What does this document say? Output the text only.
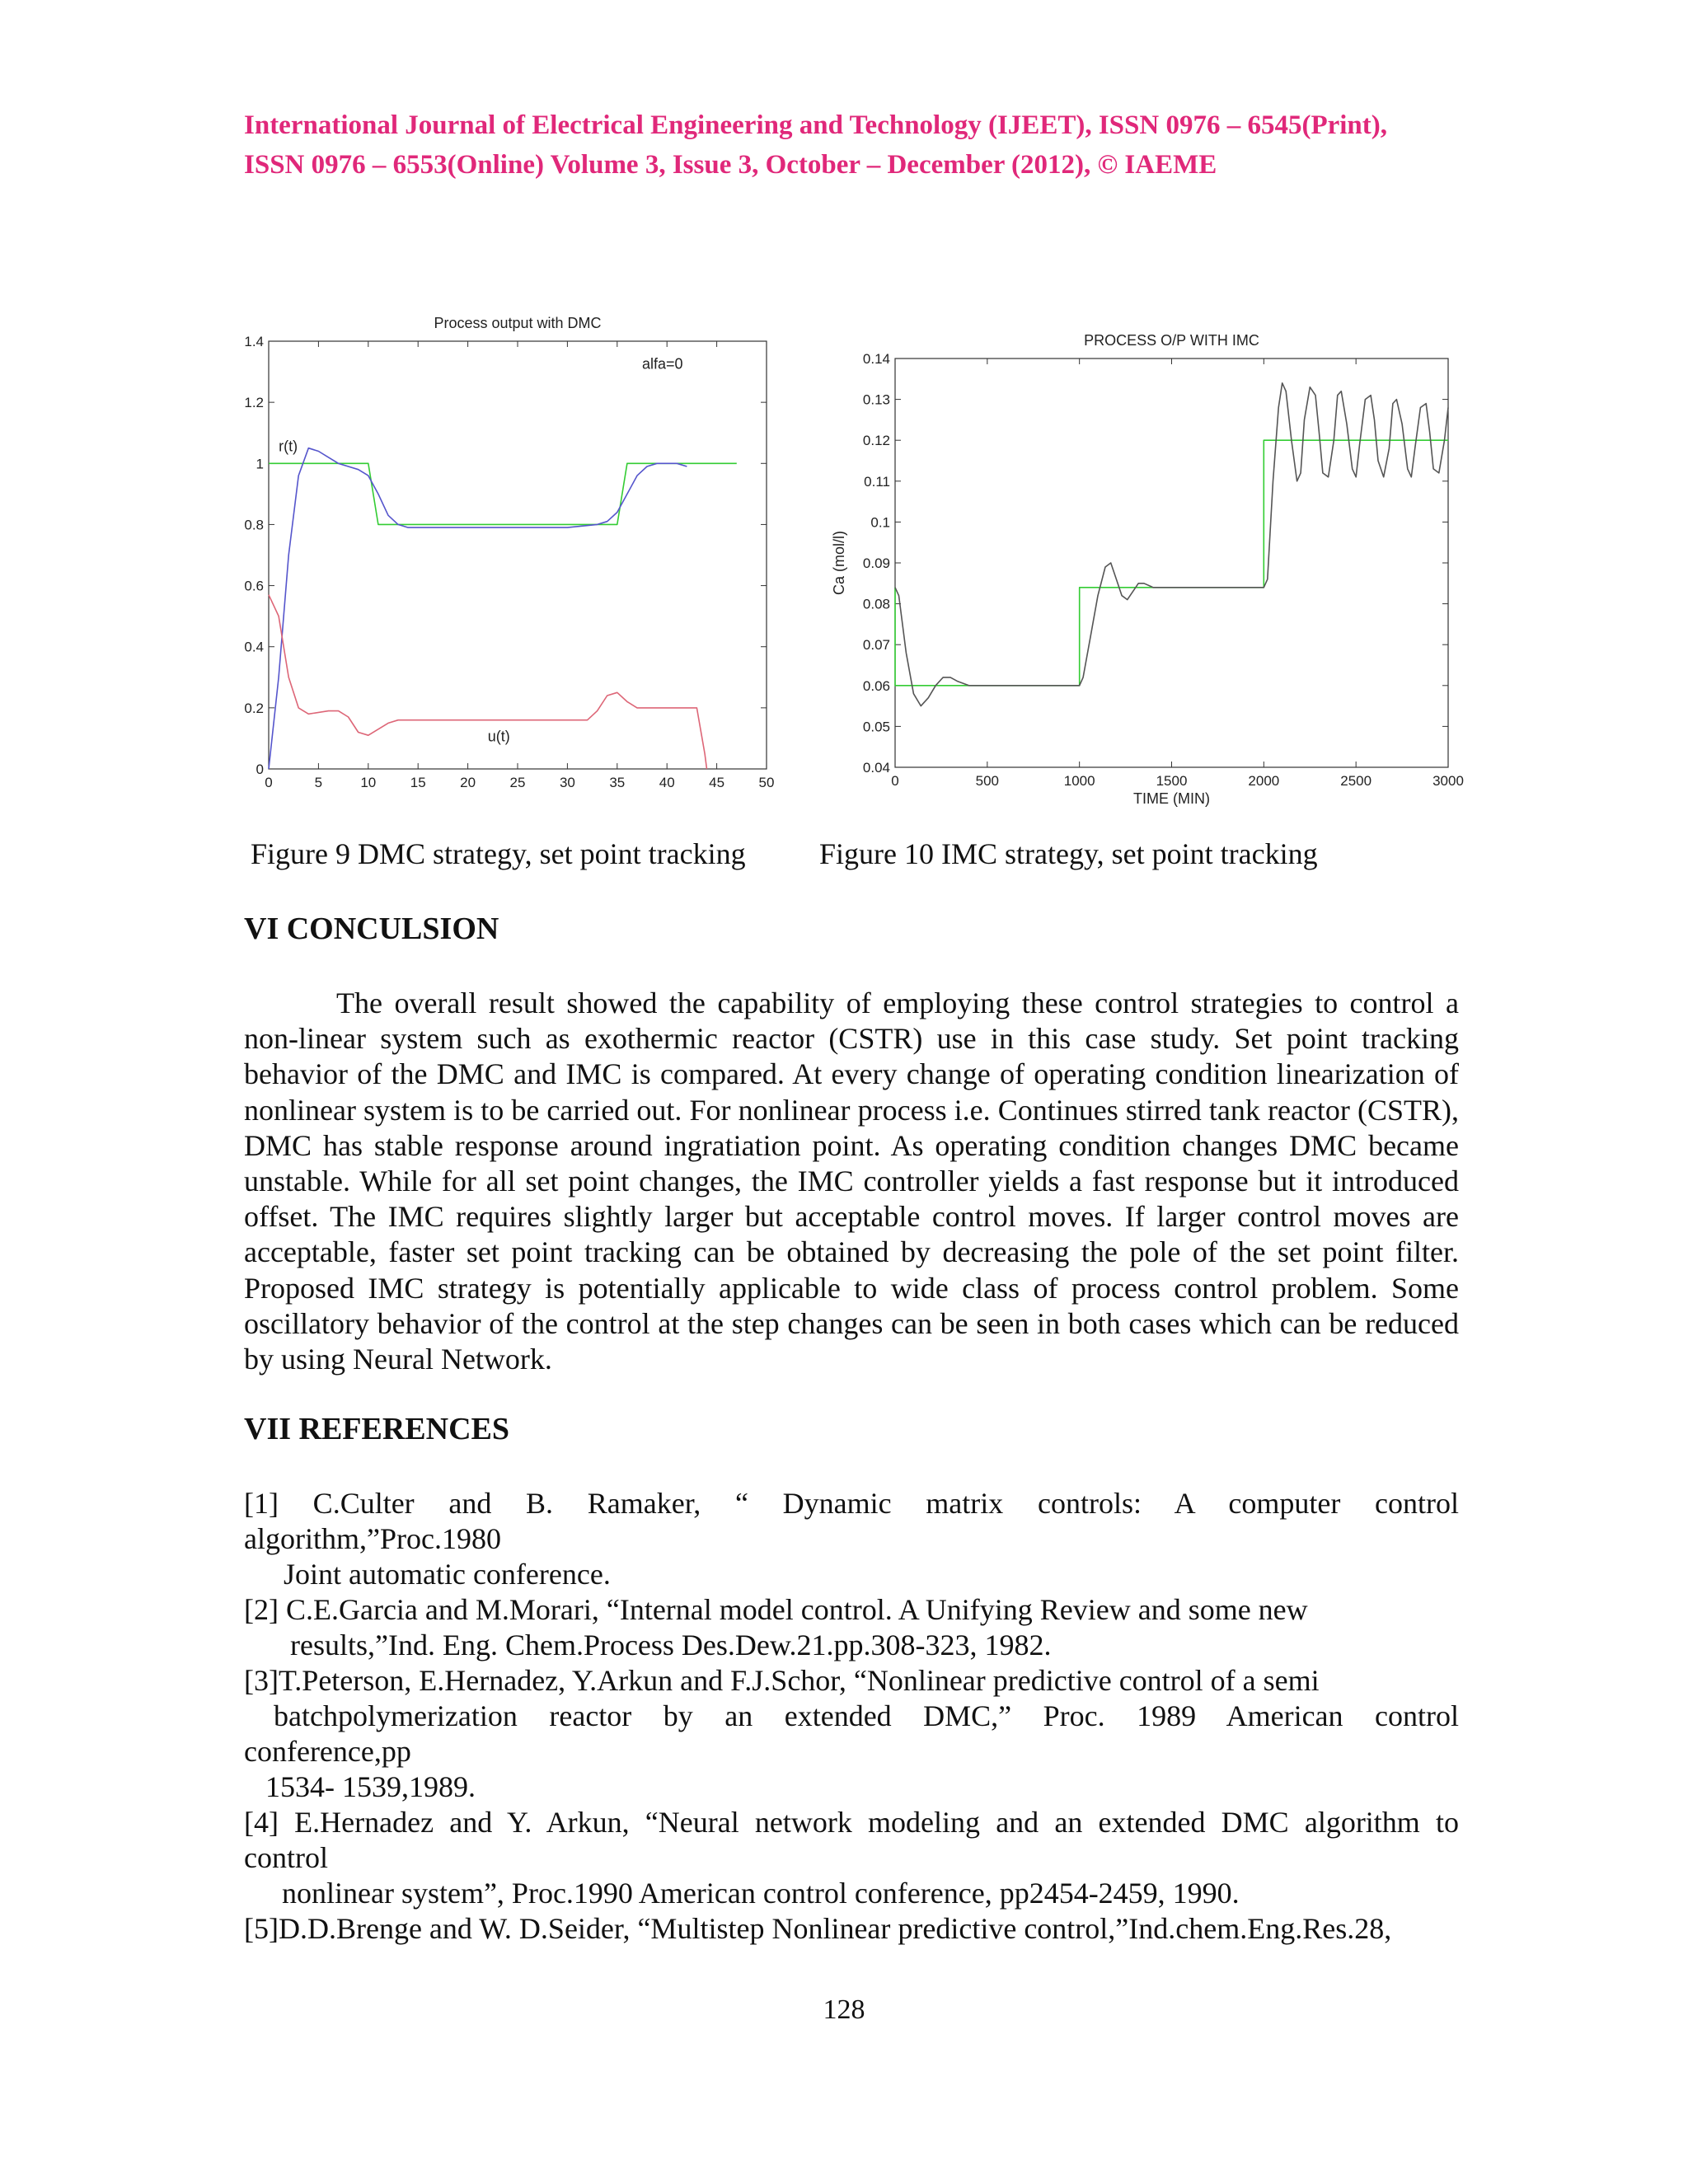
International Journal of Electrical Engineering and Technology (IJEET), ISSN 0976 – 6545(Print),
ISSN 0976 – 6553(Online) Volume 3, Issue 3, October – December (2012), © IAEME
0	5	10 15 20 25 30 35 40 45 50
0
0.2
0.4
0.6
0.8
1
1.2
1.4
Process output with DMC
alfa=0
r(t)
u(t)
0	500	1000	1500	2000	2500	3000
0.04
0.05
0.06
0.07
0.08
0.09
0.1
0.11
0.12
0.13
0.14
PROCESS O/P WITH IMC
TIME (MIN)
Ca (mol/l)
Figure 9 DMC strategy, set point tracking Figure 10 IMC strategy, set point tracking
VI CONCULSION
The overall result showed the capability of employing these control strategies to control a non-linear system such as exothermic reactor (CSTR) use in this case study. Set point tracking behavior of the DMC and IMC is compared. At every change of operating condition linearization of nonlinear system is to be carried out. For nonlinear process i.e. Continues stirred tank reactor (CSTR), DMC has stable response around ingratiation point. As operating condition changes DMC became unstable. While for all set point changes, the IMC controller yields a fast response but it introduced offset. The IMC requires slightly larger but acceptable control moves. If larger control moves are acceptable, faster set point tracking can be obtained by decreasing the pole of the set point filter. Proposed IMC strategy is potentially applicable to wide class of process control problem. Some oscillatory behavior of the control at the step changes can be seen in both cases which can be reduced by using Neural Network.
VII REFERENCES
[1] C.Culter and B. Ramaker, “ Dynamic matrix controls: A computer control
algorithm,”Proc.1980
Joint automatic conference.
[2] C.E.Garcia and M.Morari, “Internal model control. A Unifying Review and some new
results,”Ind. Eng. Chem.Process Des.Dew.21.pp.308-323, 1982.
[3]T.Peterson, E.Hernadez, Y.Arkun and F.J.Schor, “Nonlinear predictive control of a semi
batchpolymerization reactor by an extended DMC,” Proc. 1989 American control
conference,pp
1534- 1539,1989.
[4] E.Hernadez and Y. Arkun, “Neural network modeling and an extended DMC algorithm to
control
nonlinear system”, Proc.1990 American control conference, pp2454-2459, 1990.
[5]D.D.Brenge and W. D.Seider, “Multistep Nonlinear predictive control,”Ind.chem.Eng.Res.28,
128
